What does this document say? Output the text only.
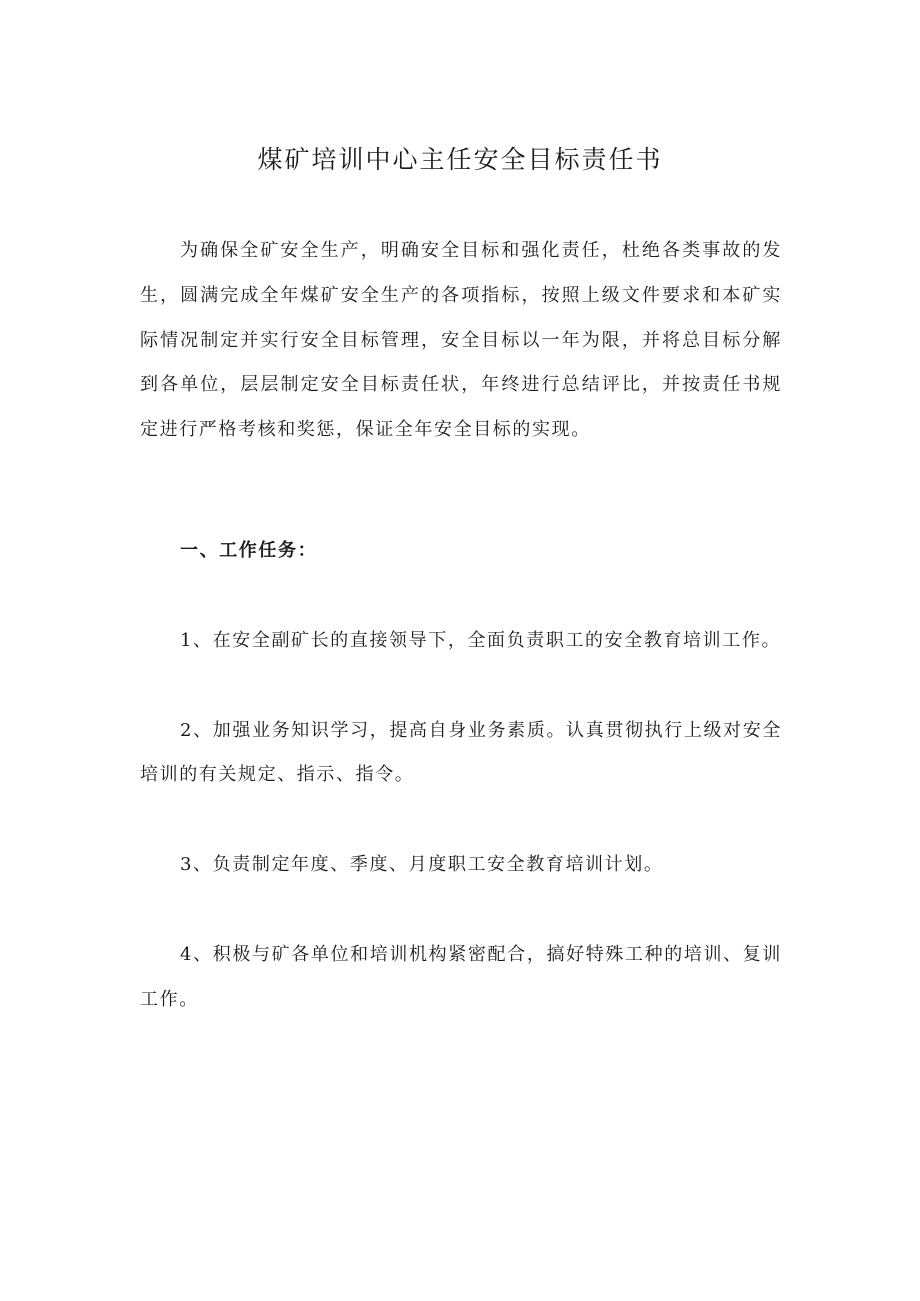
煤矿培训中心主任安全目标责任书

为确保全矿安全生产，明确安全目标和强化责任，杜绝各类事故的发生，圆满完成全年煤矿安全生产的各项指标，按照上级文件要求和本矿实际情况制定并实行安全目标管理，安全目标以一年为限，并将总目标分解到各单位，层层制定安全目标责任状，年终进行总结评比，并按责任书规定进行严格考核和奖惩，保证全年安全目标的实现。

一、工作任务：

1、在安全副矿长的直接领导下，全面负责职工的安全教育培训工作。

2、加强业务知识学习，提高自身业务素质。认真贯彻执行上级对安全培训的有关规定、指示、指令。

3、负责制定年度、季度、月度职工安全教育培训计划。

4、积极与矿各单位和培训机构紧密配合，搞好特殊工种的培训、复训工作。
